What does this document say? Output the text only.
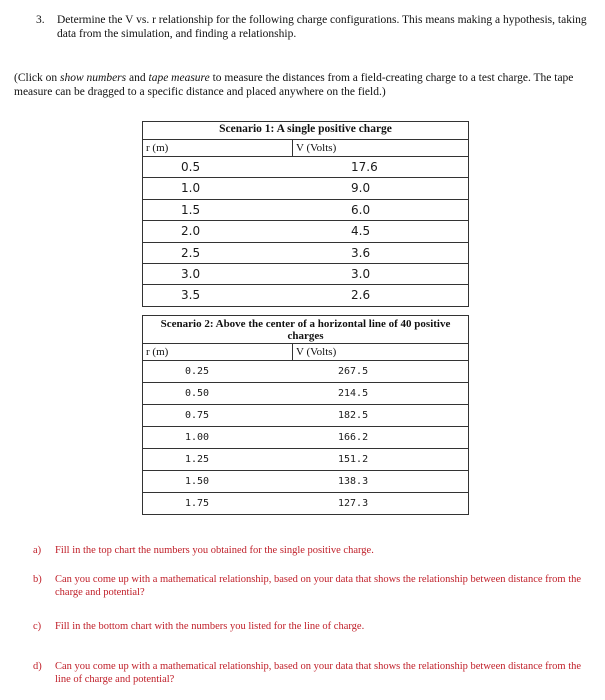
3. Determine the V vs. r relationship for the following charge configurations. This means making a hypothesis, taking data from the simulation, and finding a relationship.
(Click on show numbers and tape measure to measure the distances from a field-creating charge to a test charge. The tape measure can be dragged to a specific distance and placed anywhere on the field.)
Scenario 1: A single positive charge
r (m)	V (Volts)
0.5	17.6
1.0	9.0
1.5	6.0
2.0	4.5
2.5	3.6
3.0	3.0
3.5	2.6
Scenario 2: Above the center of a horizontal line of 40 positive charges
r (m)	V (Volts)
0.25	267.5
0.50	214.5
0.75	182.5
1.00	166.2
1.25	151.2
1.50	138.3
1.75	127.3
a) Fill in the top chart the numbers you obtained for the single positive charge.
b) Can you come up with a mathematical relationship, based on your data that shows the relationship between distance from the charge and potential?
c) Fill in the bottom chart with the numbers you listed for the line of charge.
d) Can you come up with a mathematical relationship, based on your data that shows the relationship between distance from the line of charge and potential?
